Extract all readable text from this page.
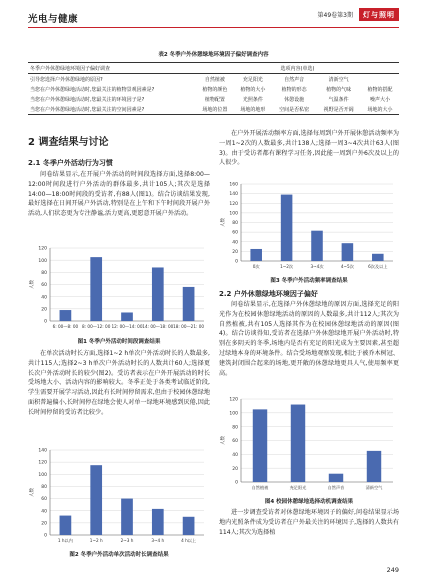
光电与健康	第49卷第3期 灯与照明
表2 冬季户外休憩绿地环境因子偏好调查内容
冬季户外休憩绿地环境因子偏好调查	选项内容(单选)				
引导您选择户外休憩绿地的原因?	自然植被	充足阳光	自然声音	清新空气	
当您在户外休憩绿地活动时,您最关注的植物景观因素是?	植物的颜色	植物的大小	植物的形态	植物的气味	植物的搭配
当您在户外休憩绿地活动时,您最关注的环境因子是?	植物配置	光照条件	休憩设施	气温条件	噪声大小
当您在户外休憩绿地活动时,您最关注的空间因素是?	场地的位置	场地的地形	空间是否私密	视野是否开阔	场地的大小
2 调查结果与讨论
2.1 冬季户外活动行为习惯
问卷结果显示,在开展户外活动的时间段选择方面,选择8:00—12:00时间段进行户外活动的群体最多,共计105人;其次是选择14:00—18:00时间段的受访者,有88人(图1)。结合访谈结果发现,最好选择在日间开展户外活动,特别是在上午和下午时间段开展户外活动,人们状态更为专注静谧,活力更高,更愿意开展户外活动。
0
20
40
60
80
100
120
人数
6: 00—8: 00 8: 00—12: 00 12: 00—14: 00 14: 00—18: 00 18: 00—21: 00
图1 冬季户外活动时间段调查结果
在单次活动时长方面,选择1~2 h单次户外活动时长的人数最多,共计115人;选择2~3 h单次户外活动时长的人数共计60人;选择更长次户外活动时长的较少(图2)。受访者表示在户外开展活动的时长受场地大小、活动内容的影响较大。冬季正处于各类考试临近阶段,学生需要开展学习活动,因此有长时间停留需求,但由于校园休憩绿地面积普遍偏小,长时间停在绿地会使人对单一绿地环境感到厌倦,因此长时间停留的受访者比较少。
0
20
40
60
80
100
120
140
人数
1 h以内	1~2 h	2~3 h	3~4 h	4 h以上
图2 冬季户外活动单次活动时长调查结果
在户外开展活动频率方面,选择每周到户外开展休憩活动频率为一周1~2次的人数最多,共计138人;选择一周3~4次共计63人(图3)。由于受访者都有课程学习任务,因此能一周到户外6次及以上的人很少。
0
20
40
60
80
100
120
140
160
人数
0次	1~2次	3~4次	4~5次	6次及以上
图3 冬季户外活动频率调查结果
2.2 户外休憩绿地环境因子偏好
问卷结果显示,在选择户外休憩绿地的原因方面,选择充足的阳光作为在校园休憩绿地活动的原因的人数最多,共计112人;其次为自然植被,共有105人选择其作为在校园休憩绿地活动的原因(图4)。结合访谈得知,受访者在选择户外休憩绿地开展户外活动时,特别在多阴天的冬季,场地内是否有充足的阳光成为主要因素,甚至超过绿地本身的环境条件。结合受场地观察发现,相比于被乔木树冠、建筑封闭围合起来的场地,更开敞的休憩绿地更具人气,使用频率更高。
0
20
40
60
80
100
120
人数
自然植被	充足阳光	自然声音	清新空气
图4 校园休憩绿地选择动机调查结果
进一步调查受访者对休憩绿地环境因子的偏好,问卷结果显示场地内光照条件成为受访者在户外最关注的环境因子,选择的人数共有114人;其次为选择植
249
